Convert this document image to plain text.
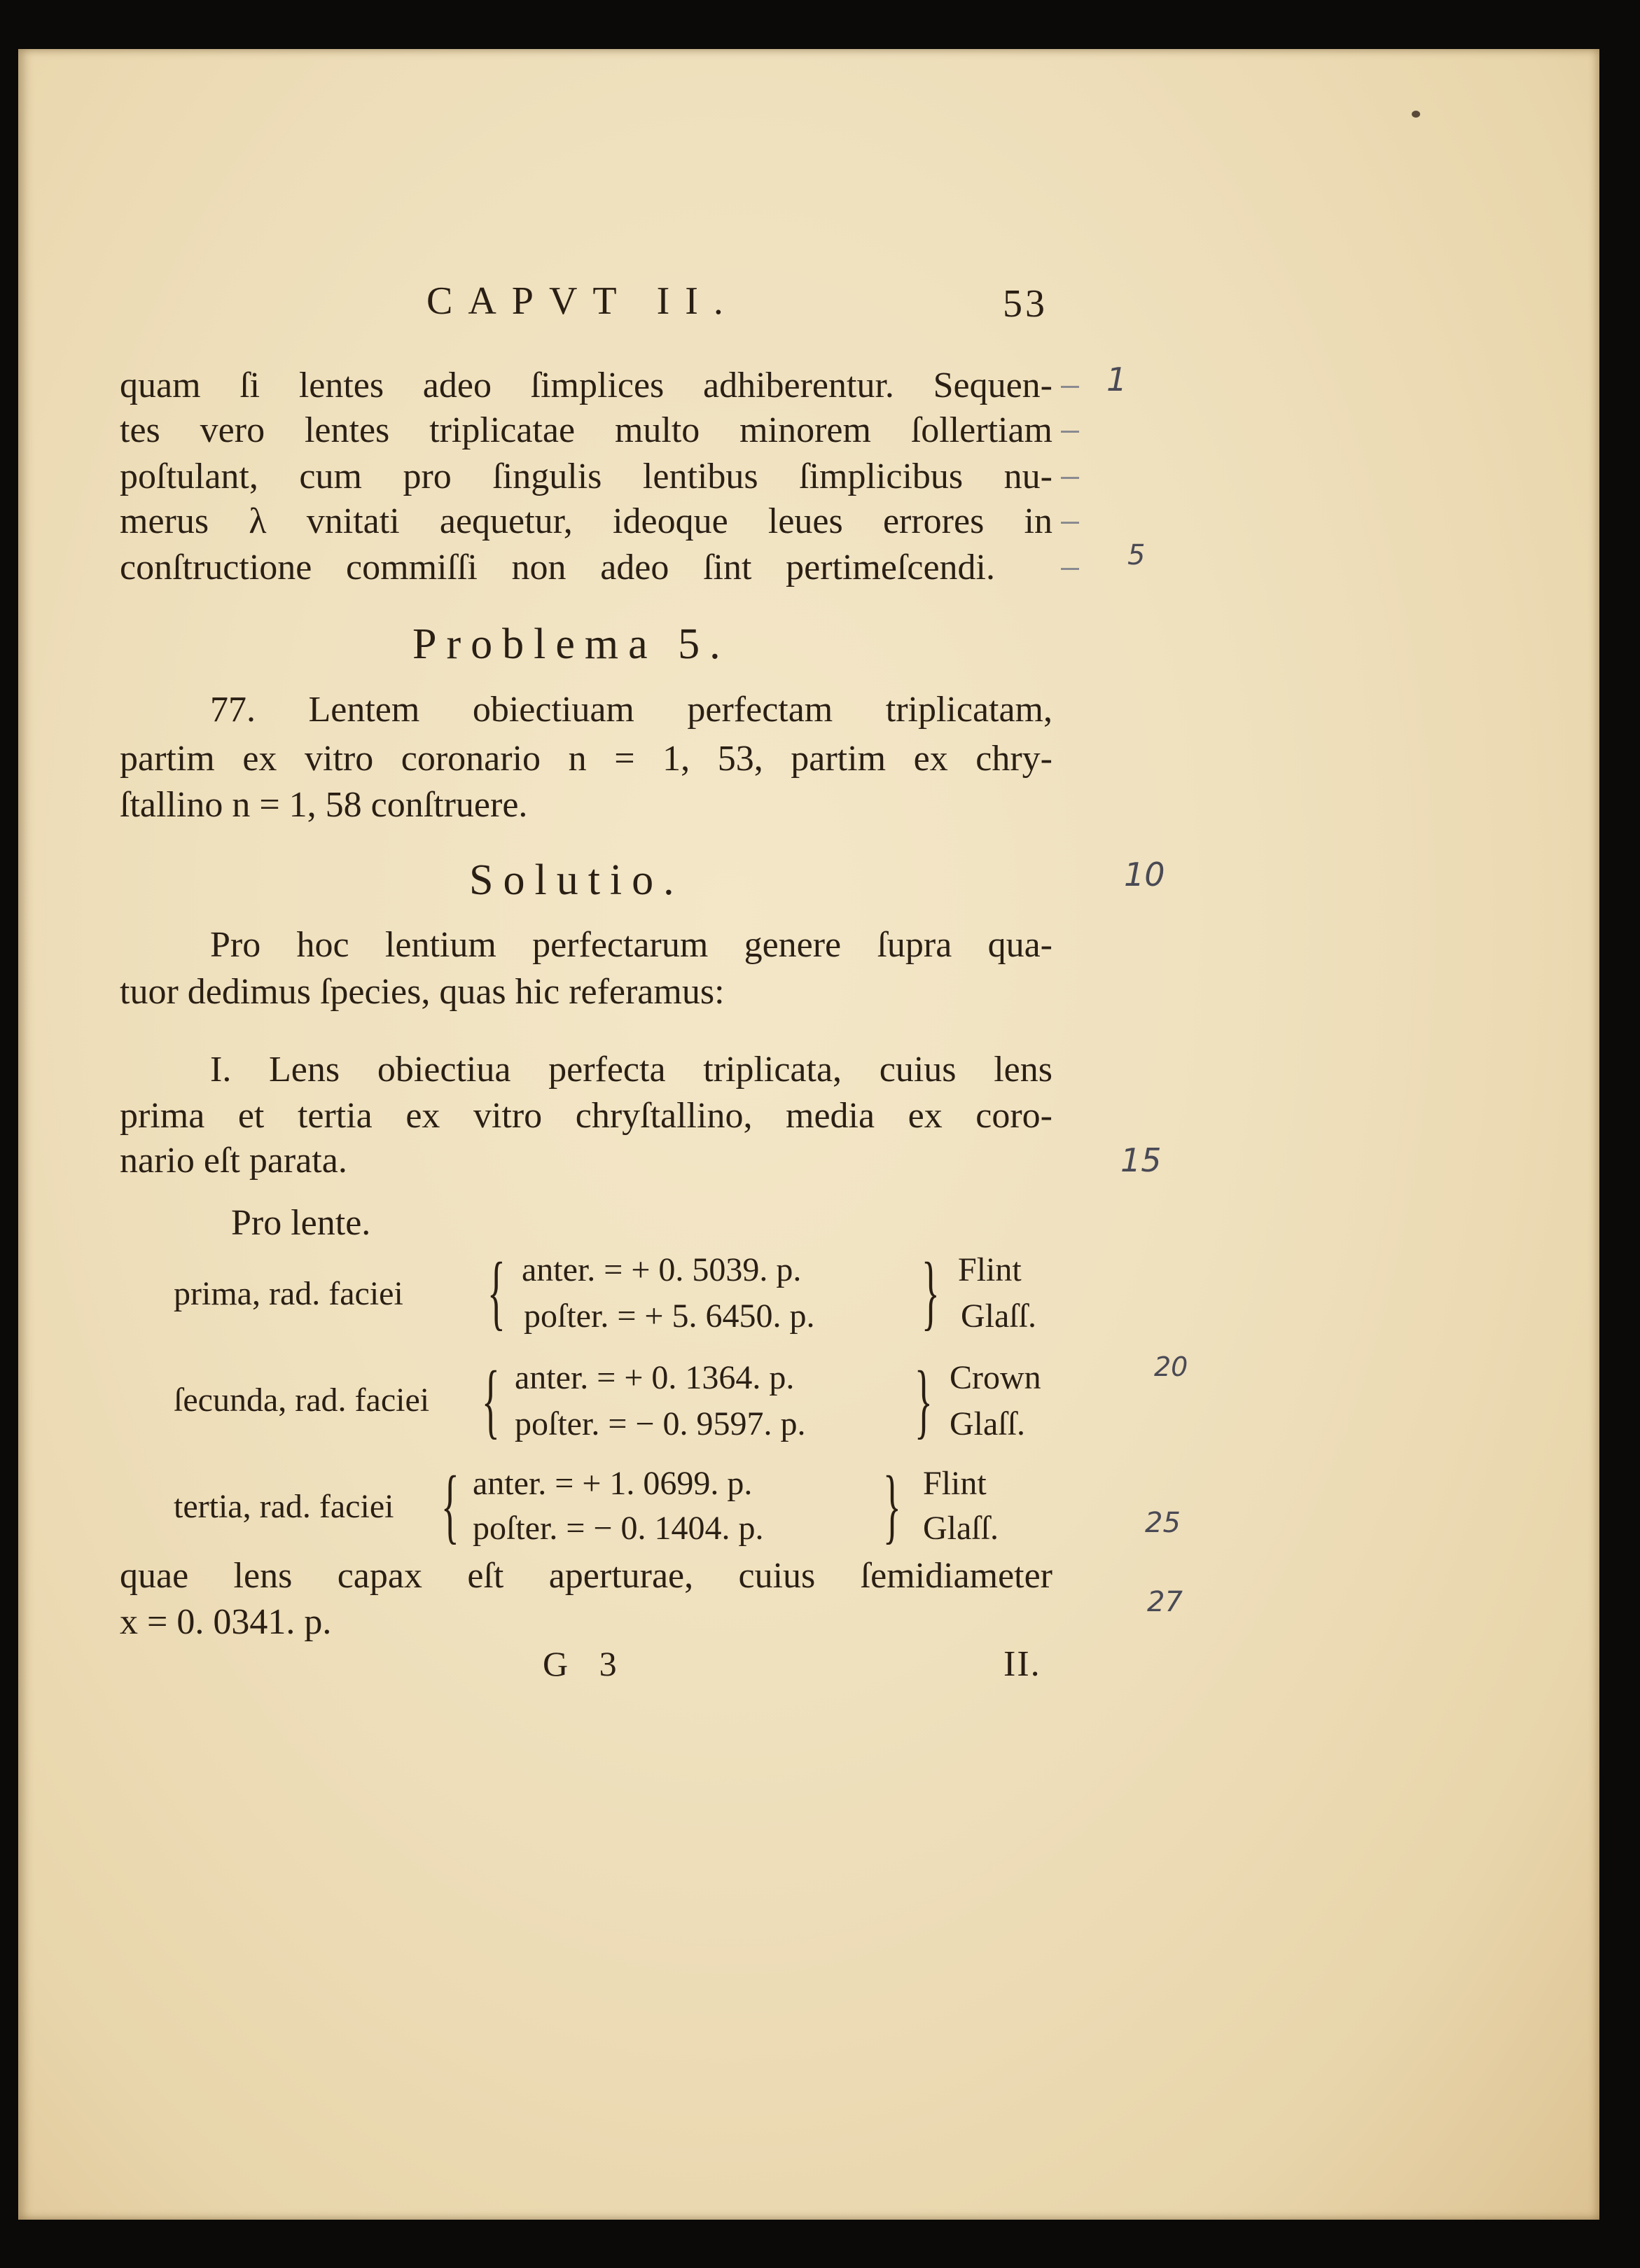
CAPVT II.	53
quam ſi lentes adeo ſimplices adhiberentur. Sequen-
tes vero lentes triplicatae multo minorem ſollertiam
poſtulant, cum pro ſingulis lentibus ſimplicibus nu-
merus λ vnitati aequetur, ideoque leues errores in
conſtructione commiſſi non adeo ſint pertimeſcendi.
Problema 5.
77. Lentem obiectiuam perfectam triplicatam,
partim ex vitro coronario n = 1, 53, partim ex chry-
ſtallino n = 1, 58 conſtruere.
Solutio.
Pro hoc lentium perfectarum genere ſupra qua-
tuor dedimus ſpecies, quas hic referamus:
I. Lens obiectiua perfecta triplicata, cuius lens
prima et tertia ex vitro chryſtallino, media ex coro-
nario eſt parata.
Pro lente.
prima, rad. faciei { anter. = + 0. 5039. p.
poſter. = + 5. 6450. p. } Flint
Glaſſ.
ſecunda, rad. faciei { anter. = + 0. 1364. p.
poſter. = − 0. 9597. p. } Crown
Glaſſ.
tertia, rad. faciei { anter. = + 1. 0699. p.
poſter. = − 0. 1404. p. } Flint
Glaſſ.
quae lens capax eſt aperturae, cuius ſemidiameter
x = 0. 0341. p.
G 3	II.
1
5
10
15
20
25
27
